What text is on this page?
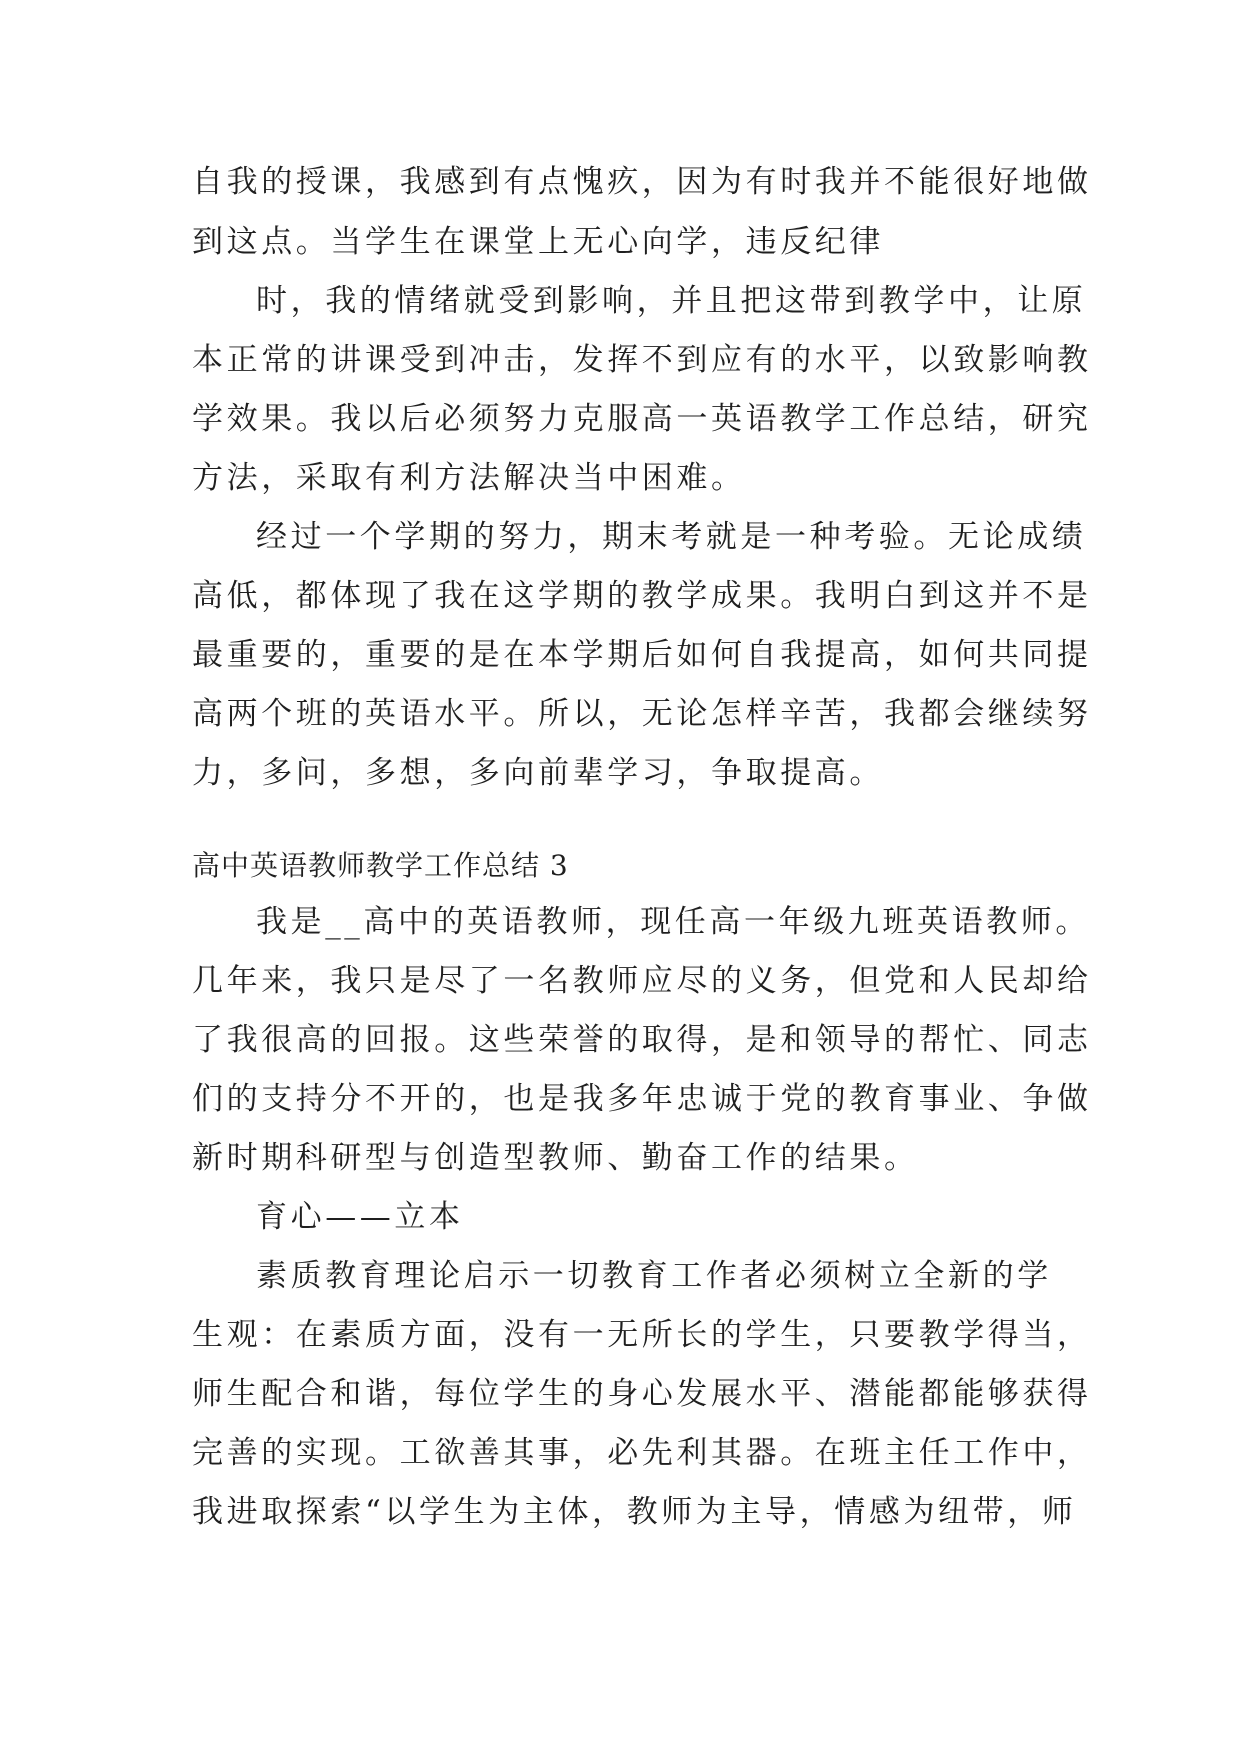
自我的授课，我感到有点愧疚，因为有时我并不能很好地做

到这点。当学生在课堂上无心向学，违反纪律

时，我的情绪就受到影响，并且把这带到教学中，让原

本正常的讲课受到冲击，发挥不到应有的水平，以致影响教

学效果。我以后必须努力克服高一英语教学工作总结，研究

方法，采取有利方法解决当中困难。

经过一个学期的努力，期末考就是一种考验。无论成绩

高低，都体现了我在这学期的教学成果。我明白到这并不是

最重要的，重要的是在本学期后如何自我提高，如何共同提

高两个班的英语水平。所以，无论怎样辛苦，我都会继续努

力，多问，多想，多向前辈学习，争取提高。

高中英语教师教学工作总结 3

我是__高中的英语教师，现任高一年级九班英语教师。

几年来，我只是尽了一名教师应尽的义务，但党和人民却给

了我很高的回报。这些荣誉的取得，是和领导的帮忙、同志

们的支持分不开的，也是我多年忠诚于党的教育事业、争做

新时期科研型与创造型教师、勤奋工作的结果。

育心——立本

素质教育理论启示一切教育工作者必须树立全新的学

生观：在素质方面，没有一无所长的学生，只要教学得当，

师生配合和谐，每位学生的身心发展水平、潜能都能够获得

完善的实现。工欲善其事，必先利其器。在班主任工作中，

我进取探索“以学生为主体，教师为主导，情感为纽带，师
